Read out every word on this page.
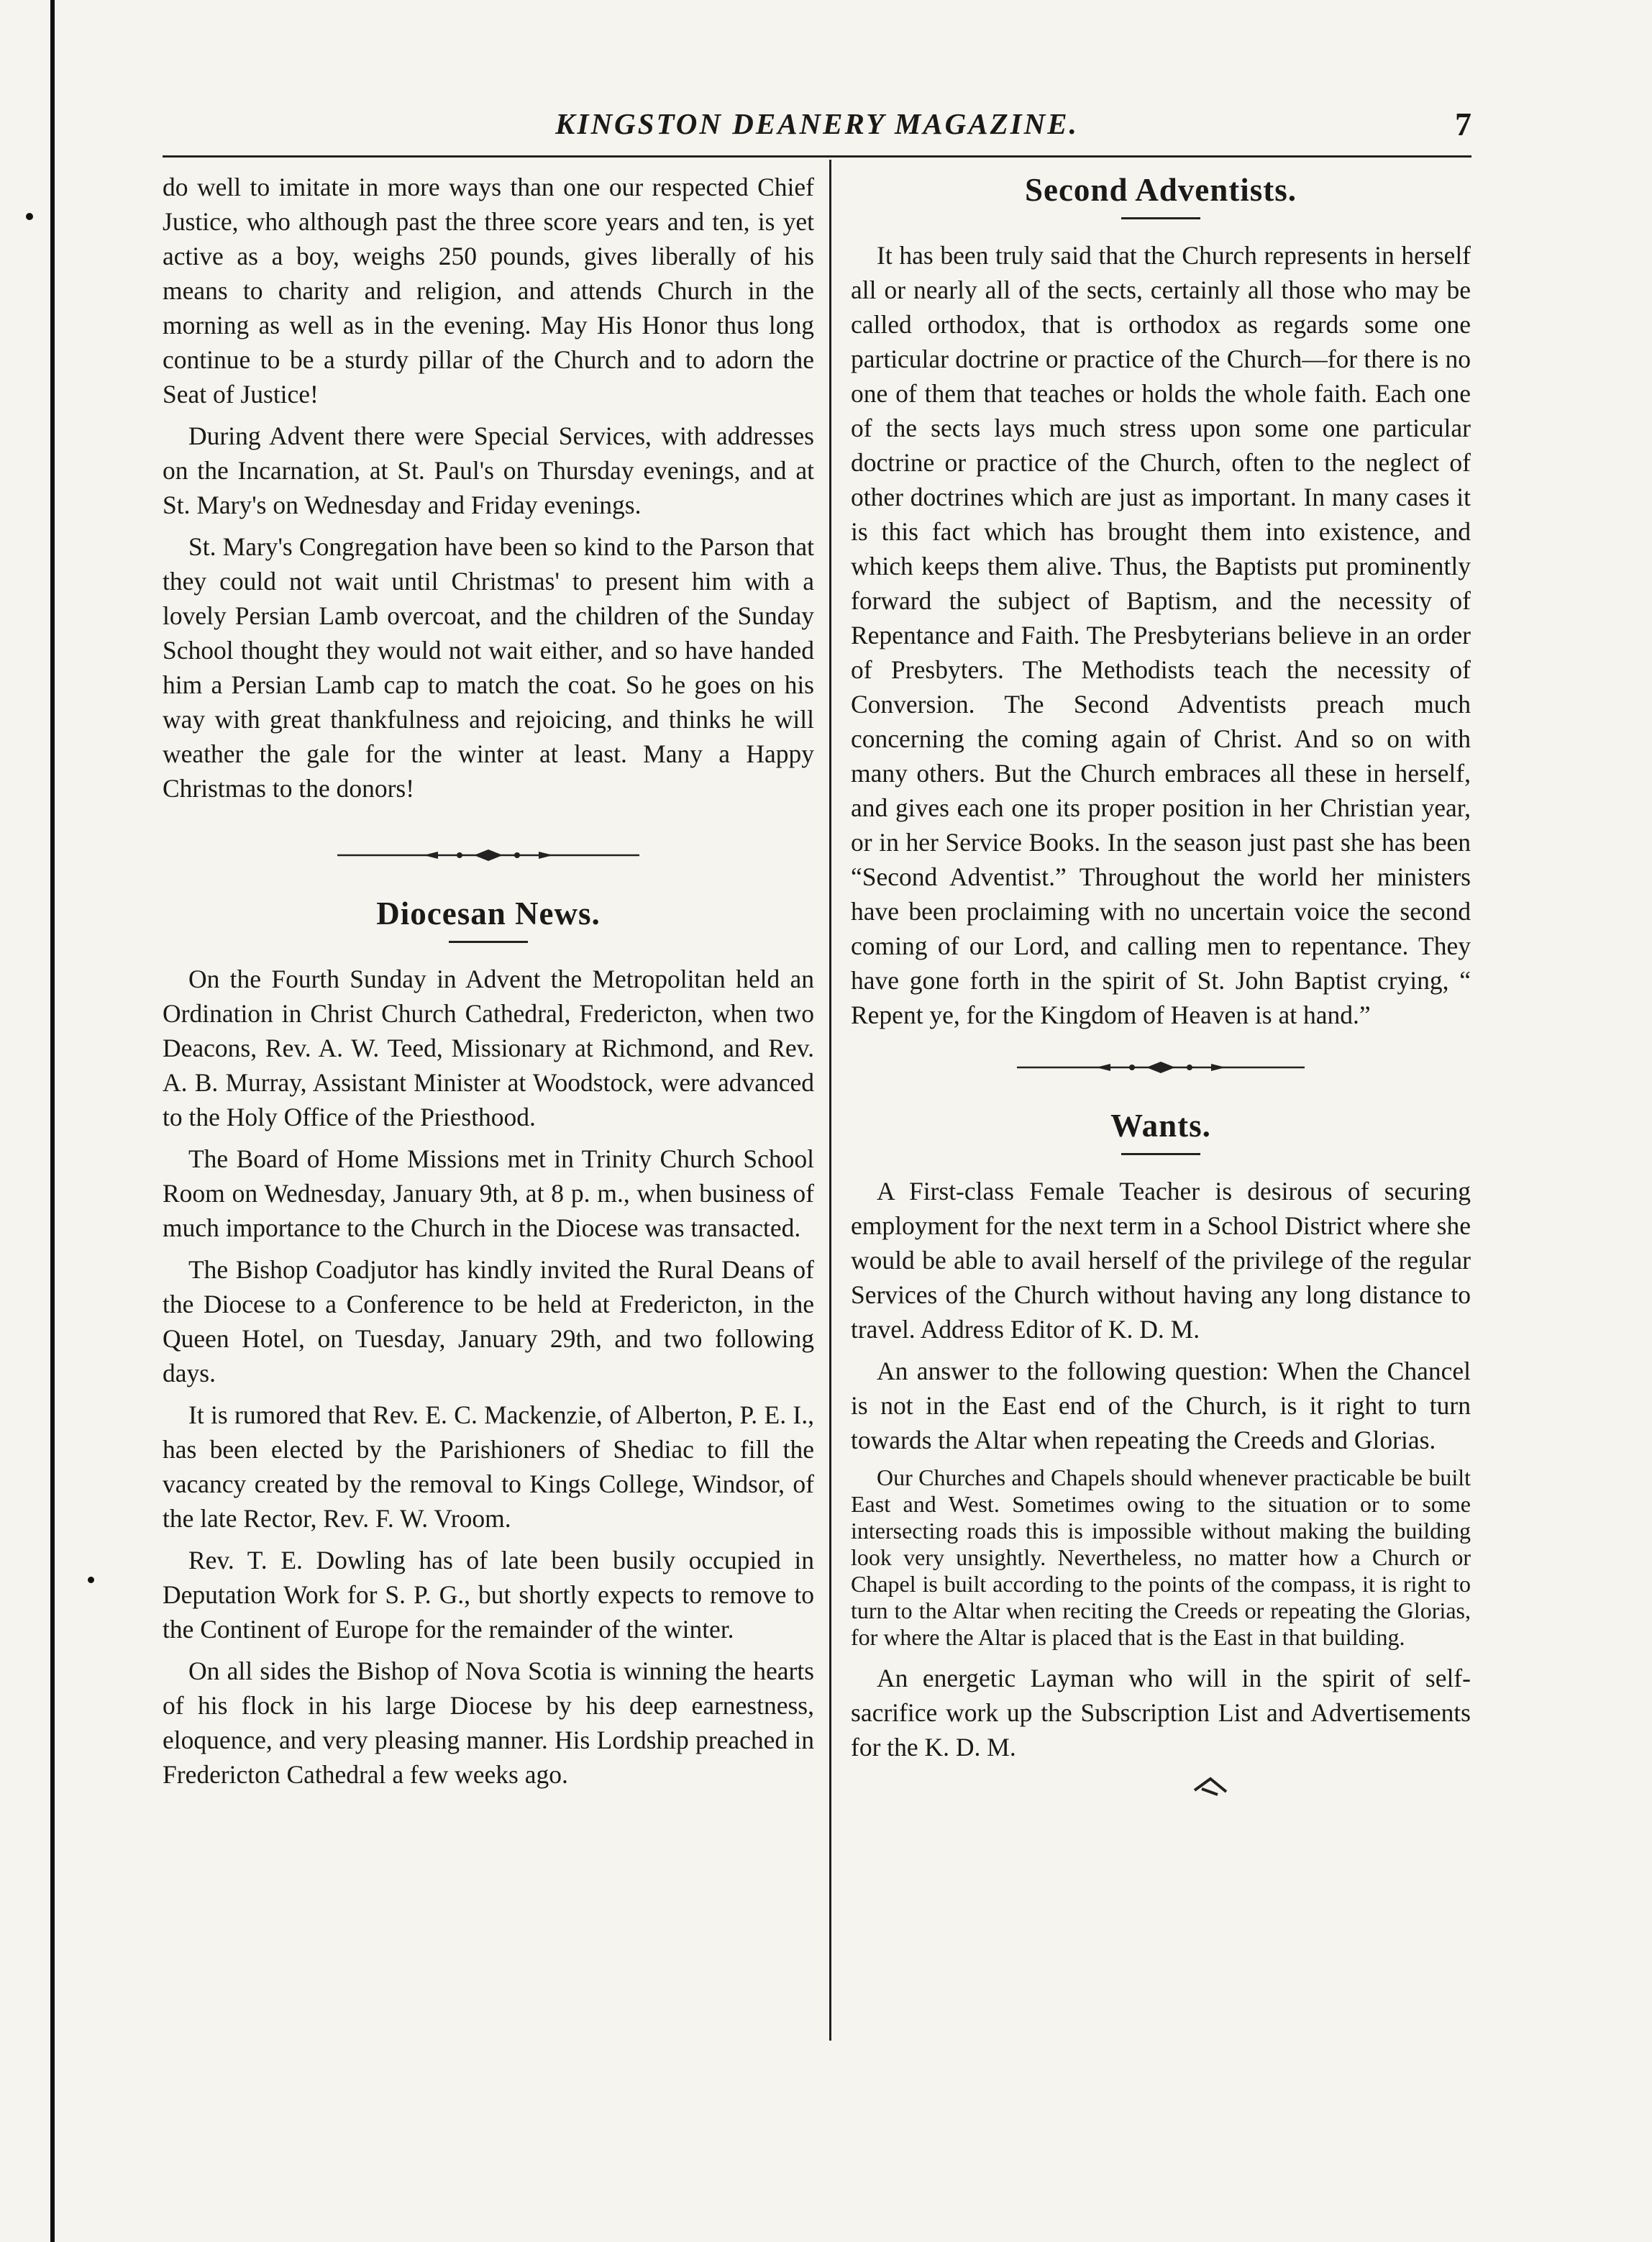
KINGSTON DEANERY MAGAZINE.	7

do well to imitate in more ways than one our respected Chief Justice, who although past the three score years and ten, is yet active as a boy, weighs 250 pounds, gives liberally of his means to charity and religion, and attends Church in the morning as well as in the evening. May His Honor thus long continue to be a sturdy pillar of the Church and to adorn the Seat of Justice!

During Advent there were Special Services, with addresses on the Incarnation, at St. Paul's on Thursday evenings, and at St. Mary's on Wednesday and Friday evenings.

St. Mary's Congregation have been so kind to the Parson that they could not wait until Christmas' to present him with a lovely Persian Lamb overcoat, and the children of the Sunday School thought they would not wait either, and so have handed him a Persian Lamb cap to match the coat. So he goes on his way with great thankfulness and rejoicing, and thinks he will weather the gale for the winter at least. Many a Happy Christmas to the donors!

Diocesan News.

On the Fourth Sunday in Advent the Metropolitan held an Ordination in Christ Church Cathedral, Fredericton, when two Deacons, Rev. A. W. Teed, Missionary at Richmond, and Rev. A. B. Murray, Assistant Minister at Woodstock, were advanced to the Holy Office of the Priesthood.

The Board of Home Missions met in Trinity Church School Room on Wednesday, January 9th, at 8 p. m., when business of much importance to the Church in the Diocese was transacted.

The Bishop Coadjutor has kindly invited the Rural Deans of the Diocese to a Conference to be held at Fredericton, in the Queen Hotel, on Tuesday, January 29th, and two following days.

It is rumored that Rev. E. C. Mackenzie, of Alberton, P. E. I., has been elected by the Parishioners of Shediac to fill the vacancy created by the removal to Kings College, Windsor, of the late Rector, Rev. F. W. Vroom.

Rev. T. E. Dowling has of late been busily occupied in Deputation Work for S. P. G., but shortly expects to remove to the Continent of Europe for the remainder of the winter.

On all sides the Bishop of Nova Scotia is winning the hearts of his flock in his large Diocese by his deep earnestness, eloquence, and very pleasing manner. His Lordship preached in Fredericton Cathedral a few weeks ago.

Second Adventists.

It has been truly said that the Church represents in herself all or nearly all of the sects, certainly all those who may be called orthodox, that is orthodox as regards some one particular doctrine or practice of the Church—for there is no one of them that teaches or holds the whole faith. Each one of the sects lays much stress upon some one particular doctrine or practice of the Church, often to the neglect of other doctrines which are just as important. In many cases it is this fact which has brought them into existence, and which keeps them alive. Thus, the Baptists put prominently forward the subject of Baptism, and the necessity of Repentance and Faith. The Presbyterians believe in an order of Presbyters. The Methodists teach the necessity of Conversion. The Second Adventists preach much concerning the coming again of Christ. And so on with many others. But the Church embraces all these in herself, and gives each one its proper position in her Christian year, or in her Service Books. In the season just past she has been “Second Adventist.” Throughout the world her ministers have been proclaiming with no uncertain voice the second coming of our Lord, and calling men to repentance. They have gone forth in the spirit of St. John Baptist crying, “ Repent ye, for the Kingdom of Heaven is at hand.”

Wants.

A First-class Female Teacher is desirous of securing employment for the next term in a School District where she would be able to avail herself of the privilege of the regular Services of the Church without having any long distance to travel. Address Editor of K. D. M.

An answer to the following question: When the Chancel is not in the East end of the Church, is it right to turn towards the Altar when repeating the Creeds and Glorias.

Our Churches and Chapels should whenever practicable be built East and West. Sometimes owing to the situation or to some intersecting roads this is impossible without making the building look very unsightly. Nevertheless, no matter how a Church or Chapel is built according to the points of the compass, it is right to turn to the Altar when reciting the Creeds or repeating the Glorias, for where the Altar is placed that is the East in that building.

An energetic Layman who will in the spirit of self-sacrifice work up the Subscription List and Advertisements for the K. D. M.
